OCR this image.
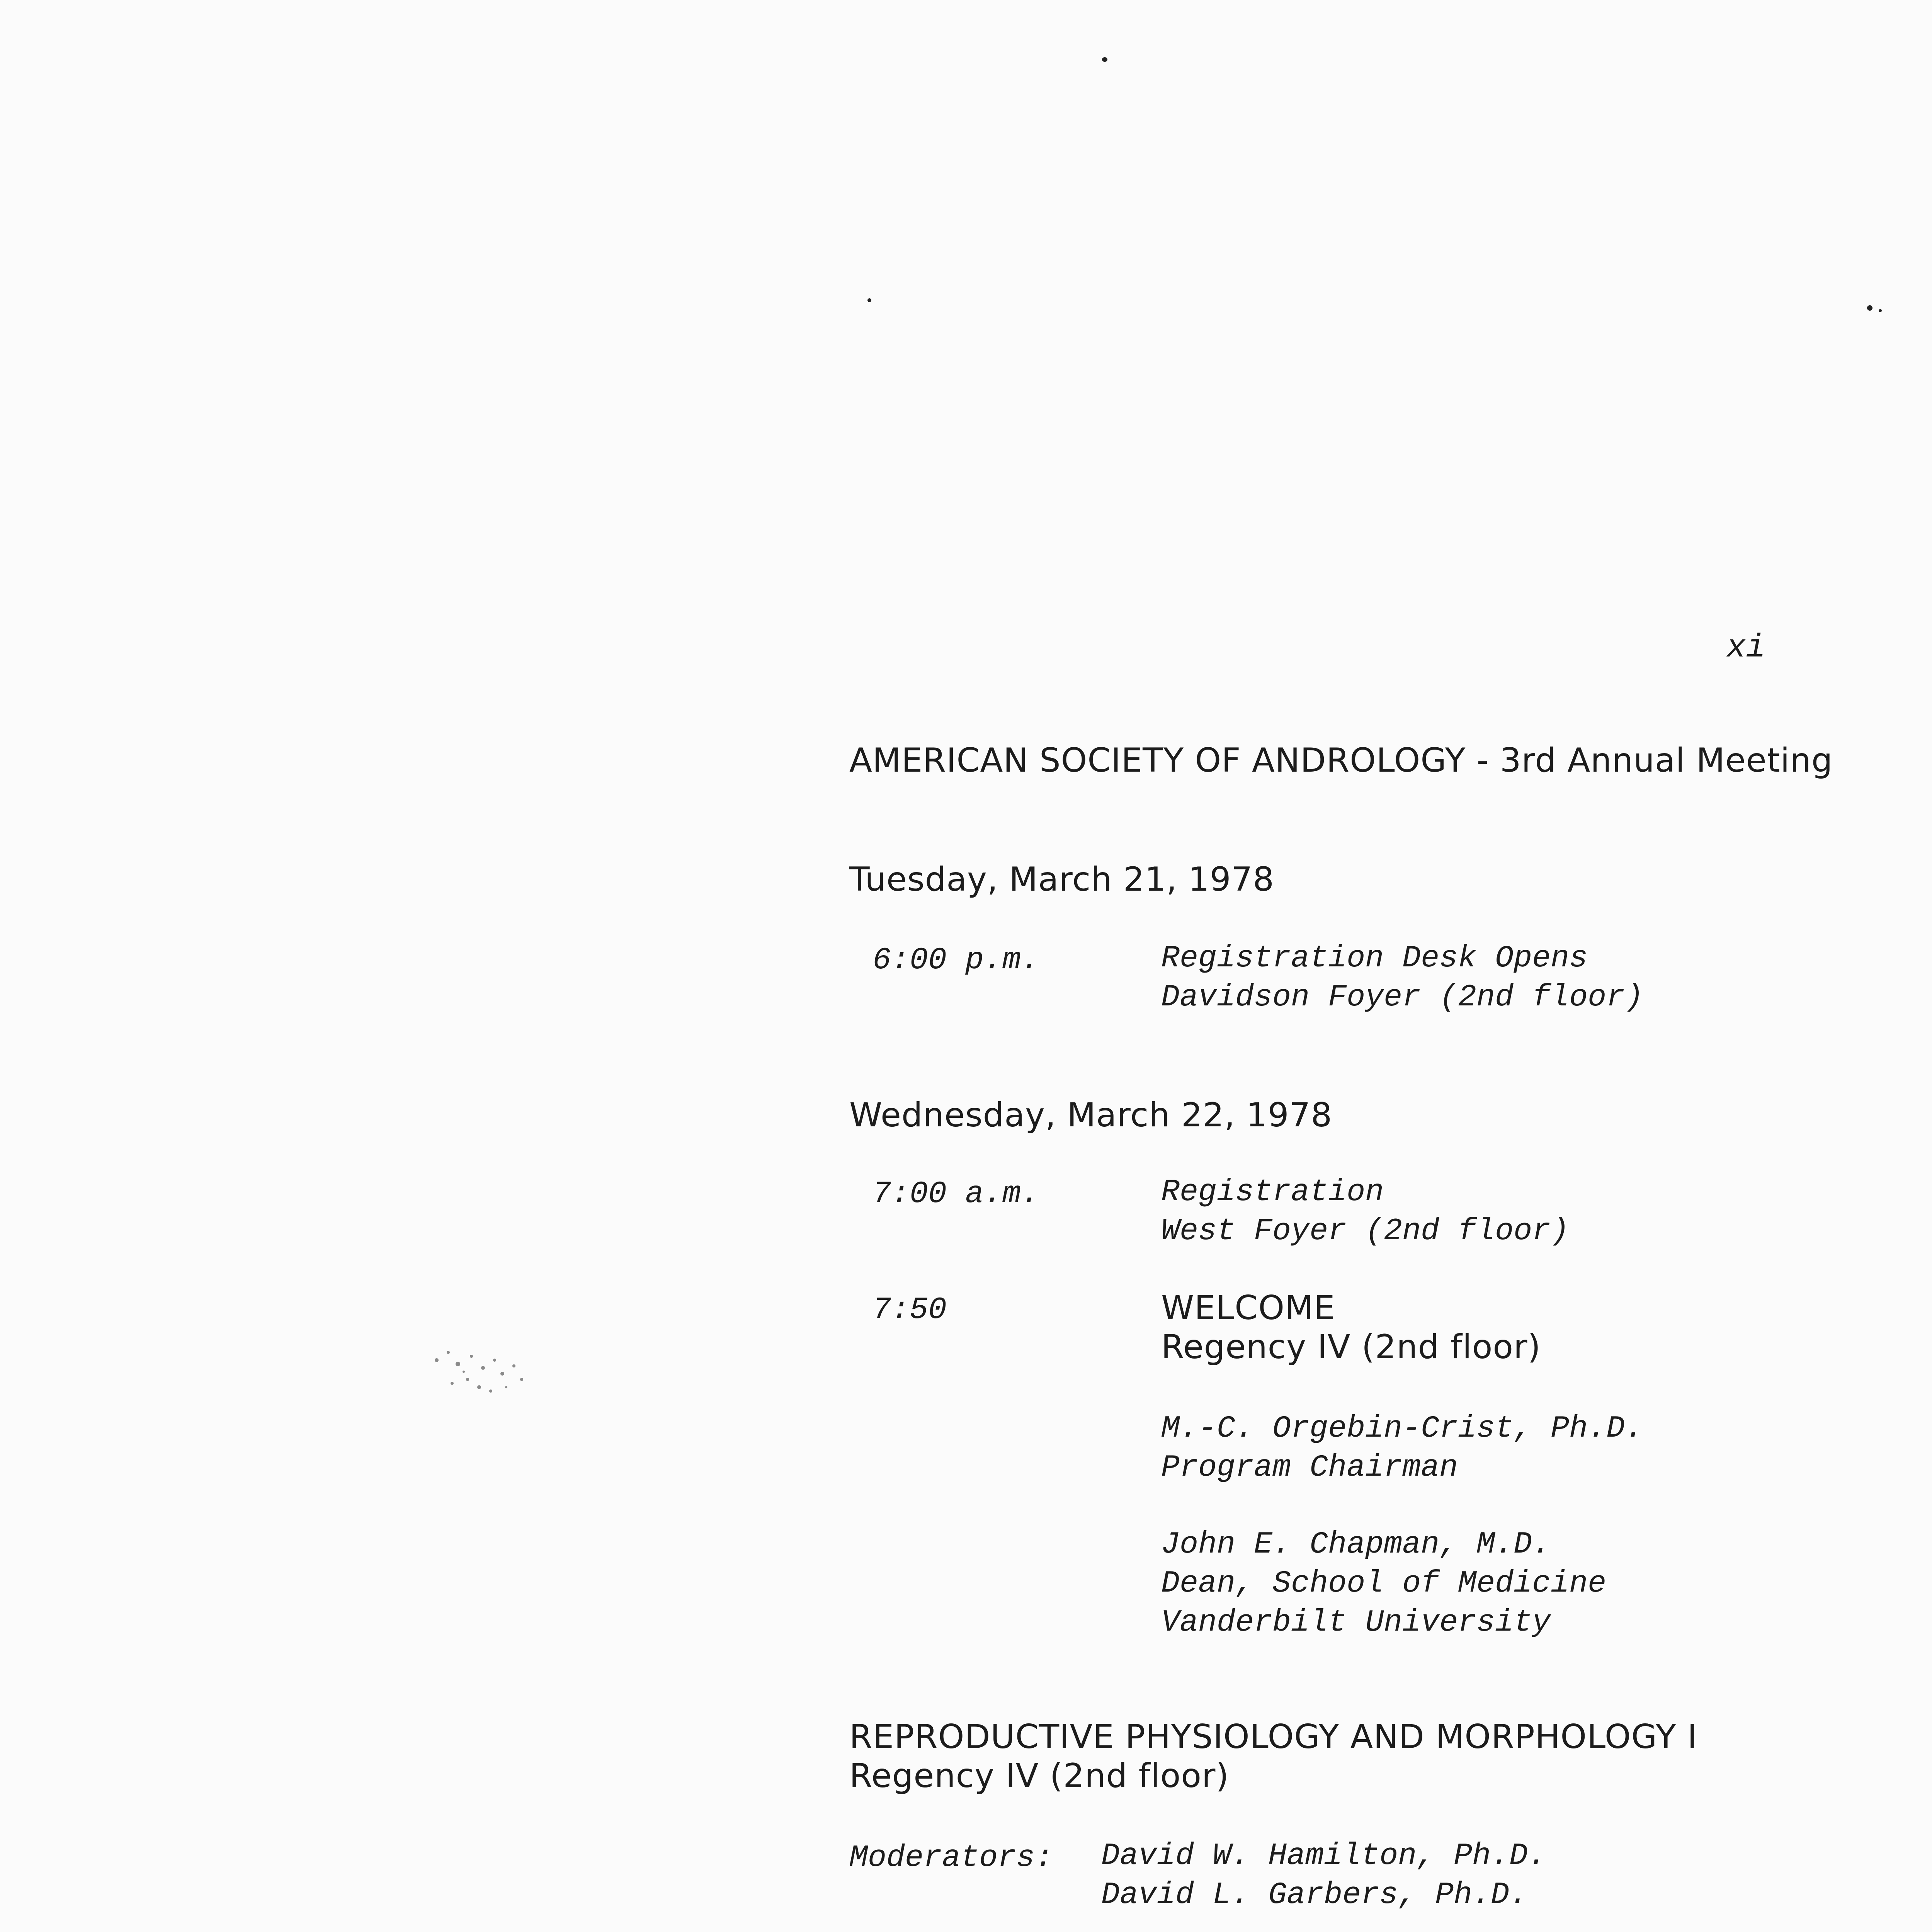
xi
AMERICAN SOCIETY OF ANDROLOGY - 3rd Annual Meeting
Tuesday, March 21, 1978
6:00 p.m.	Registration Desk Opens
Davidson Foyer (2nd floor)
Wednesday, March 22, 1978
7:00 a.m.	Registration
West Foyer (2nd floor)
7:50	WELCOME
Regency IV (2nd floor)
M.-C. Orgebin-Crist, Ph.D.
Program Chairman
John E. Chapman, M.D.
Dean, School of Medicine
Vanderbilt University
REPRODUCTIVE PHYSIOLOGY AND MORPHOLOGY I
Regency IV (2nd floor)
Moderators: David W. Hamilton, Ph.D.
David L. Garbers, Ph.D.
